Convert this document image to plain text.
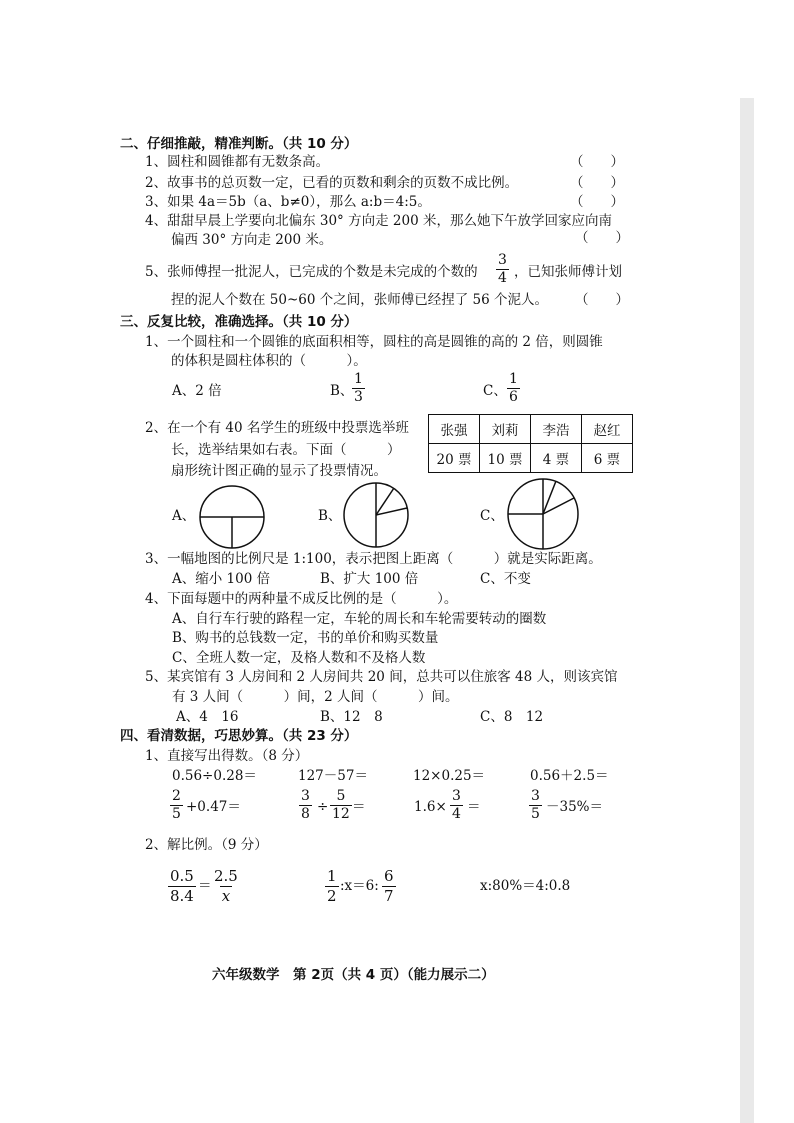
二、仔细推敲，精准判断。（共 10 分）
1、圆柱和圆锥都有无数条高。	（　　）
2、故事书的总页数一定，已看的页数和剩余的页数不成比例。	（　　）
3、如果 4a＝5b（a、b≠0），那么 a:b＝4:5。	（　　）
4、甜甜早晨上学要向北偏东 30° 方向走 200 米，那么她下午放学回家应向南
偏西 30° 方向走 200 米。	（　　）
5、张师傅捏一批泥人，已完成的个数是未完成的个数的 $\frac{3}{4}$ ，已知张师傅计划
捏的泥人个数在 50~60 个之间，张师傅已经捏了 56 个泥人。 （　　）
三、反复比较，准确选择。（共 10 分）
1、一个圆柱和一个圆锥的底面积相等，圆柱的高是圆锥的高的 2 倍，则圆锥
的体积是圆柱体积的（　　　）。
A、2 倍	B、
$\frac{1}{3}$	C、 $\frac{1}{6}$
2、在一个有 40 名学生的班级中投票选举班
长，选举结果如右表。下面（　　　）
扇形统计图正确的显示了投票情况。
张强	刘莉	李浩	赵红
20 票	10 票	4 票	6 票
A、	B、	C、
3、一幅地图的比例尺是 1:100，表示把图上距离（　　　）就是实际距离。
A、缩小 100 倍	B、扩大 100 倍	C、不变
4、下面每题中的两种量不成反比例的是（　　　）。
A、自行车行驶的路程一定，车轮的周长和车轮需要转动的圈数
B、购书的总钱数一定，书的单价和购买数量
C、全班人数一定，及格人数和不及格人数
5、某宾馆有 3 人房间和 2 人房间共 20 间，总共可以住旅客 48 人，则该宾馆
有 3 人间（　　　）间，2 人间（　　　）间。
A、4　16	B、12　8	C、8　12
四、看清数据，巧思妙算。（共 23 分）
1、直接写出得数。（8 分）
0.56÷0.28＝	127－57＝	12×0.25＝	0.56＋2.5＝
$\frac{2}{5} +0.47=$	$\frac{3}{8} \div \frac{5}{12}$ ＝	$1.6\times \frac{3}{4}$ ＝	$\frac{3}{5} -35\%=$
2、解比例。（9 分）
$\frac{0.5}{8.4} = \frac{2.5}{x}$	$\frac{1}{2}$ :x＝6: $\frac{6}{7}$	x:80%＝4:0.8
六年级数学　第 2页（共 4 页）（能力展示二）
